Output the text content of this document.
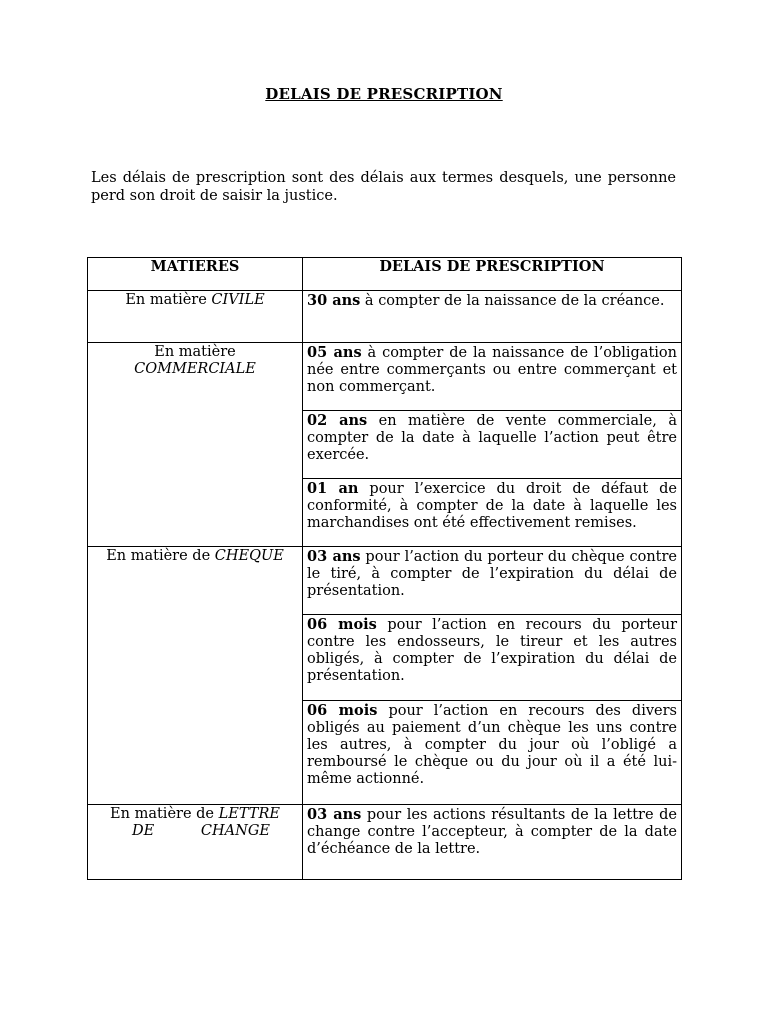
DELAIS DE PRESCRIPTION

Les délais de prescription sont des délais aux termes desquels, une personne perd son droit de saisir la justice.

MATIERES	DELAIS DE PRESCRIPTION
En matière CIVILE	30 ans à compter de la naissance de la créance.
En matière
COMMERCIALE	05 ans à compter de la naissance de l’obligation née entre commerçants ou entre commerçant et non commerçant.
	02 ans en matière de vente commerciale, à compter de la date à laquelle l’action peut être exercée.
	01 an pour l’exercice du droit de défaut de conformité, à compter de la date à laquelle les marchandises ont été effectivement remises.
En matière de CHEQUE	03 ans pour l’action du porteur du chèque contre le tiré, à compter de l’expiration du délai de présentation.
	06 mois pour l’action en recours du porteur contre les endosseurs, le tireur et les autres obligés, à compter de l’expiration du délai de présentation.
	06 mois pour l’action en recours des divers obligés au paiement d’un chèque les uns contre les autres, à compter du jour où l’obligé a remboursé le chèque ou du jour où il a été lui-même actionné.
En matière de LETTRE
DE CHANGE	03 ans pour les actions résultants de la lettre de change contre l’accepteur, à compter de la date d’échéance de la lettre.
